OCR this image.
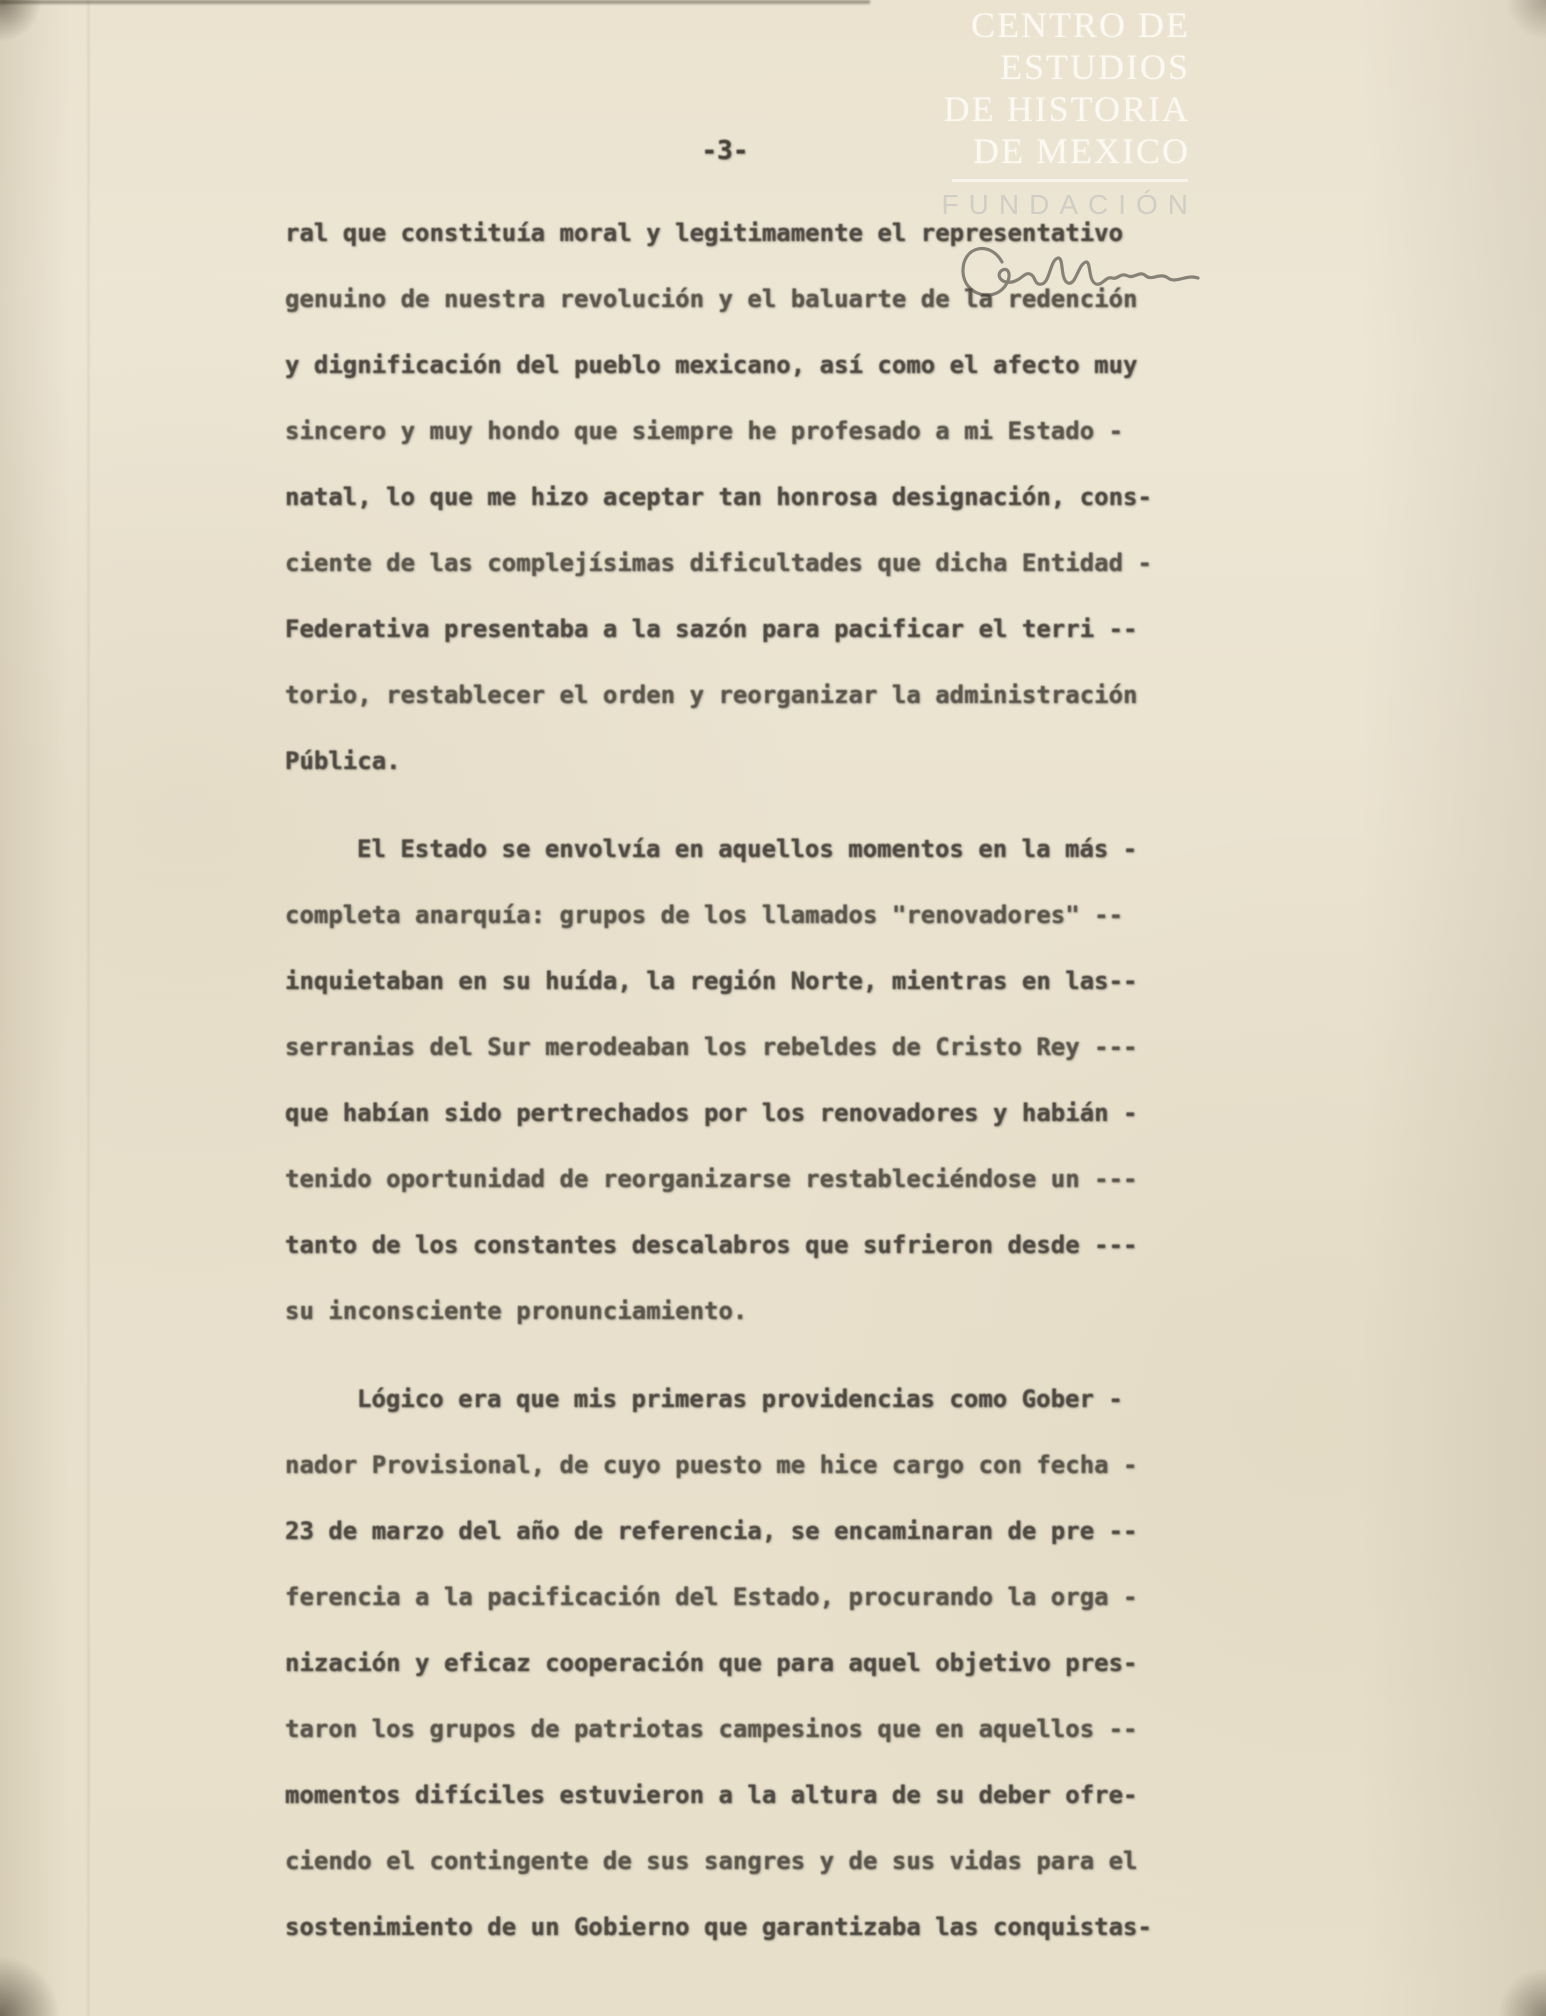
CENTRO DE
ESTUDIOS
DE HISTORIA
DE MEXICO
FUNDACIÓN
-3-
ral que constituía moral y legitimamente el representativo
genuino de nuestra revolución y el baluarte de la redención
y dignificación del pueblo mexicano, así como el afecto muy
sincero y muy hondo que siempre he profesado a mi Estado -
natal, lo que me hizo aceptar tan honrosa designación, cons-
ciente de las complejísimas dificultades que dicha Entidad -
Federativa presentaba a la sazón para pacificar el terri --
torio, restablecer el orden y reorganizar la administración
Pública.
El Estado se envolvía en aquellos momentos en la más -
completa anarquía: grupos de los llamados "renovadores" --
inquietaban en su huída, la región Norte, mientras en las--
serranias del Sur merodeaban los rebeldes de Cristo Rey ---
que habían sido pertrechados por los renovadores y habián -
tenido oportunidad de reorganizarse restableciéndose un ---
tanto de los constantes descalabros que sufrieron desde ---
su inconsciente pronunciamiento.
Lógico era que mis primeras providencias como Gober -
nador Provisional, de cuyo puesto me hice cargo con fecha -
23 de marzo del año de referencia, se encaminaran de pre --
ferencia a la pacificación del Estado, procurando la orga -
nización y eficaz cooperación que para aquel objetivo pres-
taron los grupos de patriotas campesinos que en aquellos --
momentos difíciles estuvieron a la altura de su deber ofre-
ciendo el contingente de sus sangres y de sus vidas para el
sostenimiento de un Gobierno que garantizaba las conquistas-
